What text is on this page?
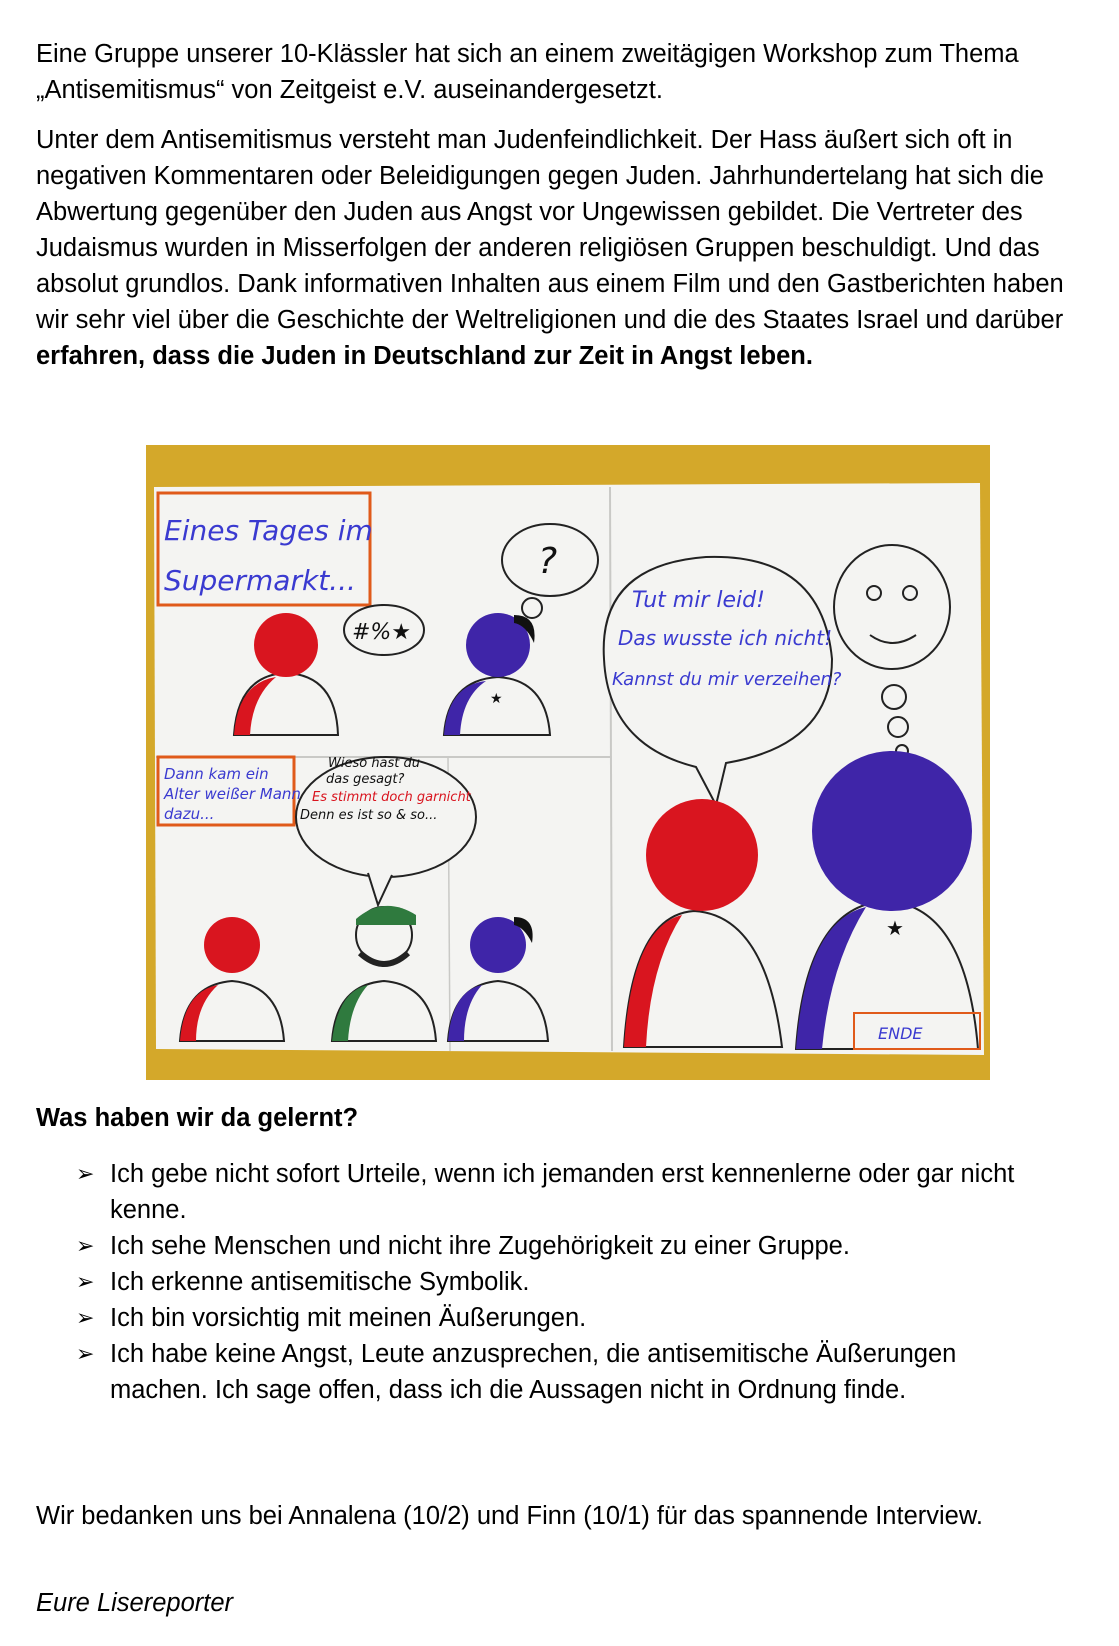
Eine Gruppe unserer 10-Klässler hat sich an einem zweitägigen Workshop zum Thema „Antisemitismus“ von Zeitgeist e.V. auseinandergesetzt.

Unter dem Antisemitismus versteht man Judenfeindlichkeit. Der Hass äußert sich oft in negativen Kommentaren oder Beleidigungen gegen Juden. Jahrhundertelang hat sich die Abwertung gegenüber den Juden aus Angst vor Ungewissen gebildet. Die Vertreter des Judaismus wurden in Misserfolgen der anderen religiösen Gruppen beschuldigt. Und das absolut grundlos. Dank informativen Inhalten aus einem Film und den Gastberichten haben wir sehr viel über die Geschichte der Weltreligionen und die des Staates Israel und darüber erfahren, dass die Juden in Deutschland zur Zeit in Angst leben.

Eines Tages im
Supermarkt...
#%★
?
★
Dann kam ein
Alter weißer Mann
dazu...
Wieso hast du
das gesagt?
Es stimmt doch garnicht
Denn es ist so & so...
Tut mir leid!
Das wusste ich nicht!
Kannst du mir verzeihen?
★
ENDE

Was haben wir da gelernt?

➢ Ich gebe nicht sofort Urteile, wenn ich jemanden erst kennenlerne oder gar nicht kenne.
➢ Ich sehe Menschen und nicht ihre Zugehörigkeit zu einer Gruppe.
➢ Ich erkenne antisemitische Symbolik.
➢ Ich bin vorsichtig mit meinen Äußerungen.
➢ Ich habe keine Angst, Leute anzusprechen, die antisemitische Äußerungen machen. Ich sage offen, dass ich die Aussagen nicht in Ordnung finde.

Wir bedanken uns bei Annalena (10/2) und Finn (10/1) für das spannende Interview.

Eure Lisereporter
